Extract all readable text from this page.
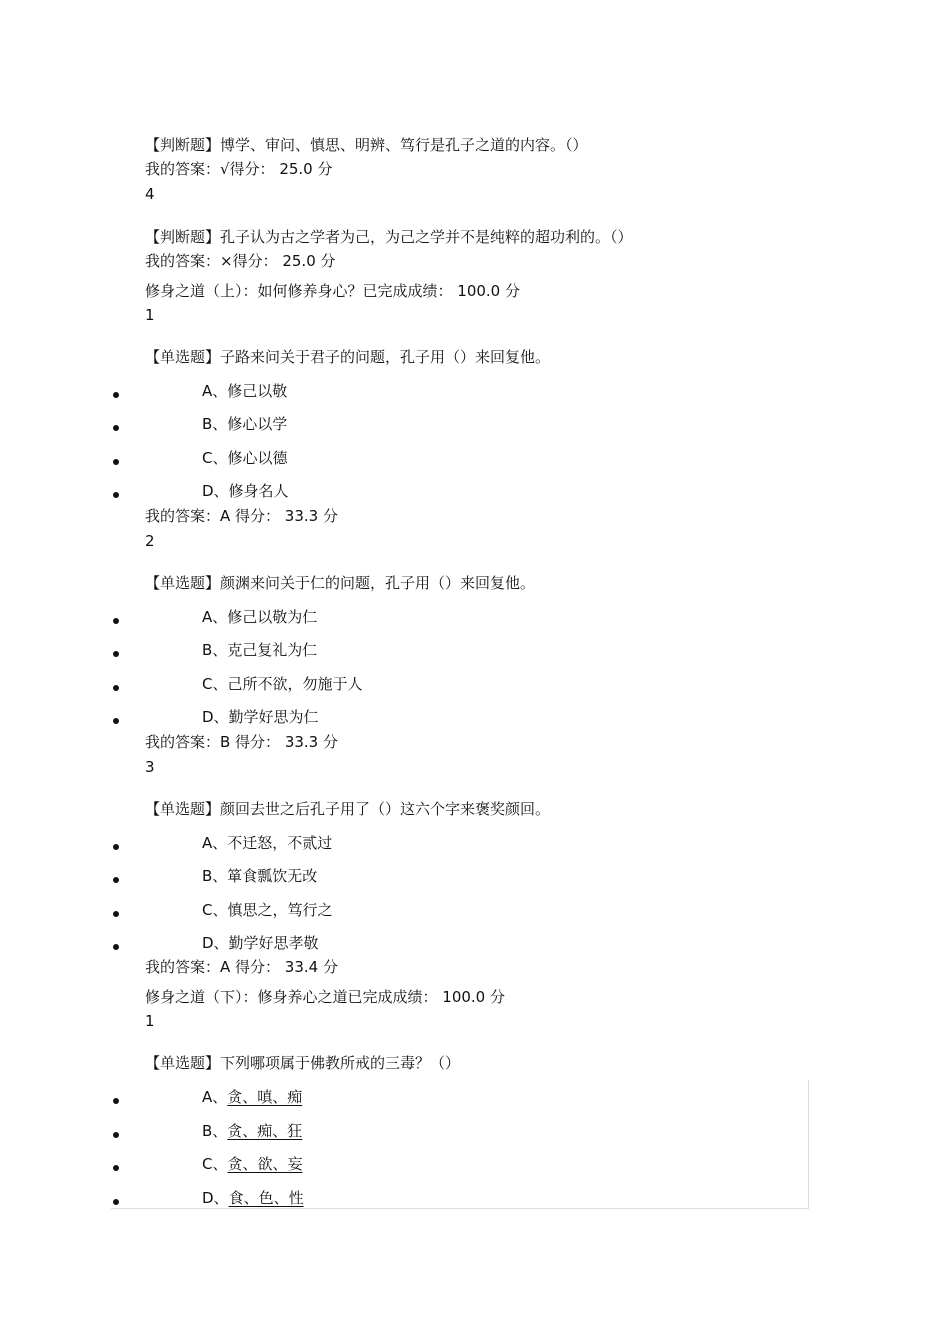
【判断题】博学、审问、慎思、明辨、笃行是孔子之道的内容。（）
我的答案：√得分： 25.0 分
4
【判断题】孔子认为古之学者为己，为己之学并不是纯粹的超功利的。（）
我的答案：×得分： 25.0 分
修身之道（上）：如何修养身心？已完成成绩： 100.0 分
1
【单选题】子路来问关于君子的问题，孔子用（）来回复他。
A、修己以敬
B、修心以学
C、修心以德
D、修身名人
我的答案：A 得分： 33.3 分
2
【单选题】颜渊来问关于仁的问题，孔子用（）来回复他。
A、修己以敬为仁
B、克己复礼为仁
C、己所不欲，勿施于人
D、勤学好思为仁
我的答案：B 得分： 33.3 分
3
【单选题】颜回去世之后孔子用了（）这六个字来褒奖颜回。
A、不迁怒，不贰过
B、箪食瓢饮无改
C、慎思之，笃行之
D、勤学好思孝敬
我的答案：A 得分： 33.4 分
修身之道（下）：修身养心之道已完成成绩： 100.0 分
1
【单选题】下列哪项属于佛教所戒的三毒？（）
A、贪、嗔、痴
B、贪、痴、狂
C、贪、欲、妄
D、食、色、性
